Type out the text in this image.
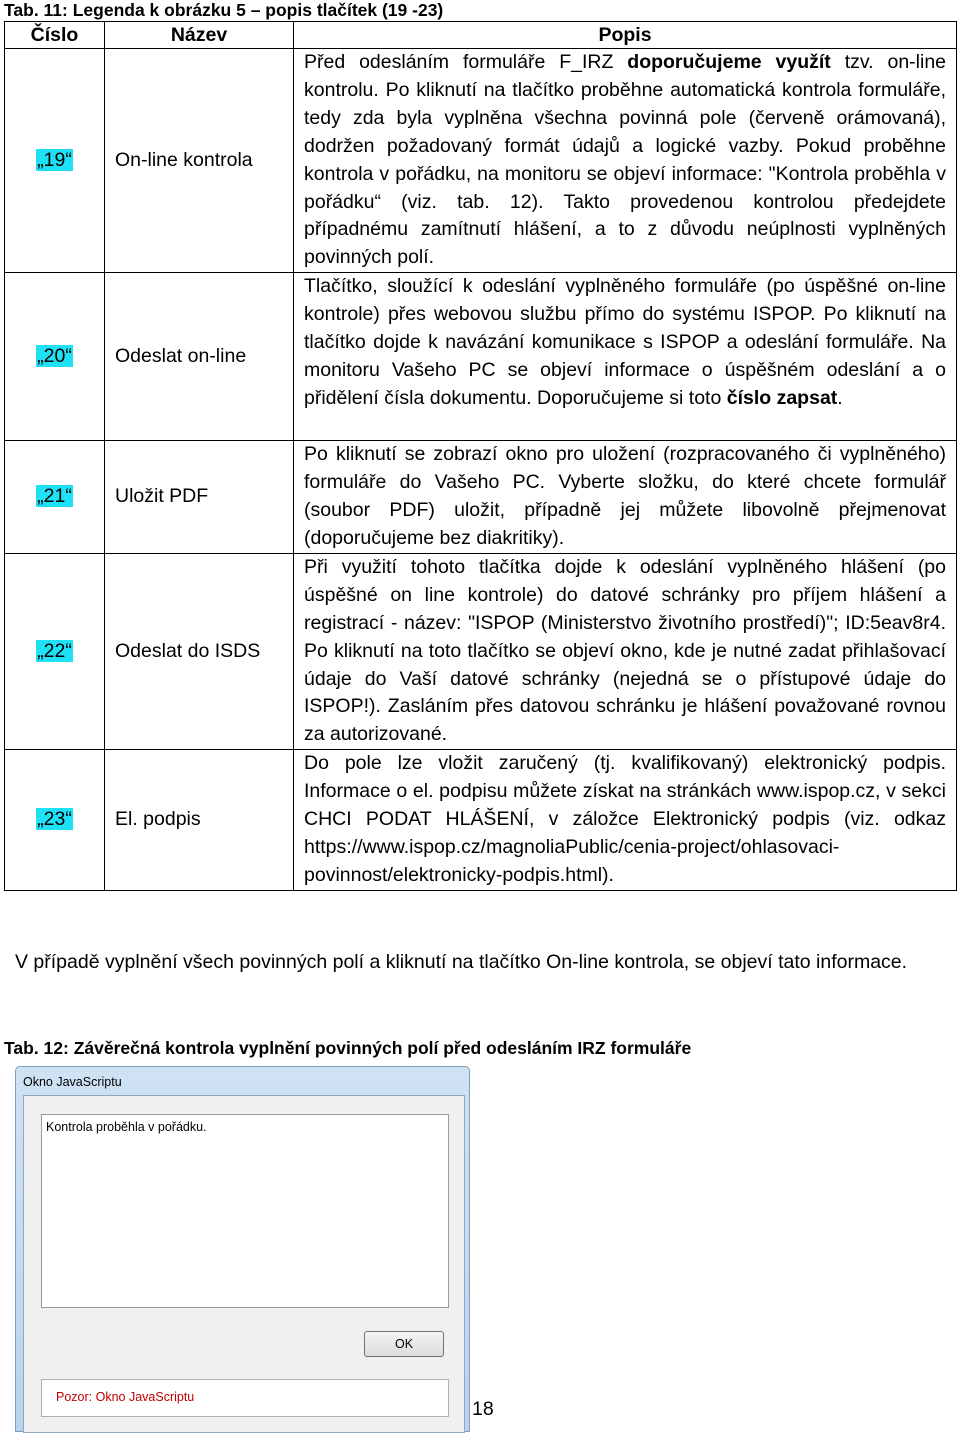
Tab. 11: Legenda k obrázku 5 – popis tlačítek (19 -23)
Číslo	Název	Popis
„19“	On-line kontrola	Před odesláním formuláře F_IRZ doporučujeme využít tzv. on-line kontrolu. Po kliknutí na tlačítko proběhne automatická kontrola formuláře, tedy zda byla vyplněna všechna povinná pole (červeně orámovaná), dodržen požadovaný formát údajů a logické vazby. Pokud proběhne kontrola v pořádku, na monitoru se objeví informace: "Kontrola proběhla v pořádku“ (viz. tab. 12). Takto provedenou kontrolou předejdete případnému zamítnutí hlášení, a to z důvodu neúplnosti vyplněných povinných polí.
„20“	Odeslat on-line	Tlačítko, sloužící k odeslání vyplněného formuláře (po úspěšné on-line kontrole) přes webovou službu přímo do systému ISPOP. Po kliknutí na tlačítko dojde k navázání komunikace s ISPOP a odeslání formuláře. Na monitoru Vašeho PC se objeví informace o úspěšném odeslání a o přidělení čísla dokumentu. Doporučujeme si toto číslo zapsat.
„21“	Uložit PDF	Po kliknutí se zobrazí okno pro uložení (rozpracovaného či vyplněného) formuláře do Vašeho PC. Vyberte složku, do které chcete formulář (soubor PDF) uložit, případně jej můžete libovolně přejmenovat (doporučujeme bez diakritiky).
„22“	Odeslat do ISDS	Při využití tohoto tlačítka dojde k odeslání vyplněného hlášení (po úspěšné on line kontrole) do datové schránky pro příjem hlášení a registrací - název: "ISPOP (Ministerstvo životního prostředí)"; ID:5eav8r4. Po kliknutí na toto tlačítko se objeví okno, kde je nutné zadat přihlašovací údaje do Vaší datové schránky (nejedná se o přístupové údaje do ISPOP!). Zasláním přes datovou schránku je hlášení považované rovnou za autorizované.
„23“	El. podpis	Do pole lze vložit zaručený (tj. kvalifikovaný) elektronický podpis. Informace o el. podpisu můžete získat na stránkách www.ispop.cz, v sekci CHCI PODAT HLÁŠENÍ, v záložce Elektronický podpis (viz. odkaz https://www.ispop.cz/magnoliaPublic/cenia-project/ohlasovaci-povinnost/elektronicky-podpis.html).
V případě vyplnění všech povinných polí a kliknutí na tlačítko On-line kontrola, se objeví tato informace.
Tab. 12: Závěrečná kontrola vyplnění povinných polí před odesláním IRZ formuláře
Okno JavaScriptu
Kontrola proběhla v pořádku.
OK
Pozor: Okno JavaScriptu
18
